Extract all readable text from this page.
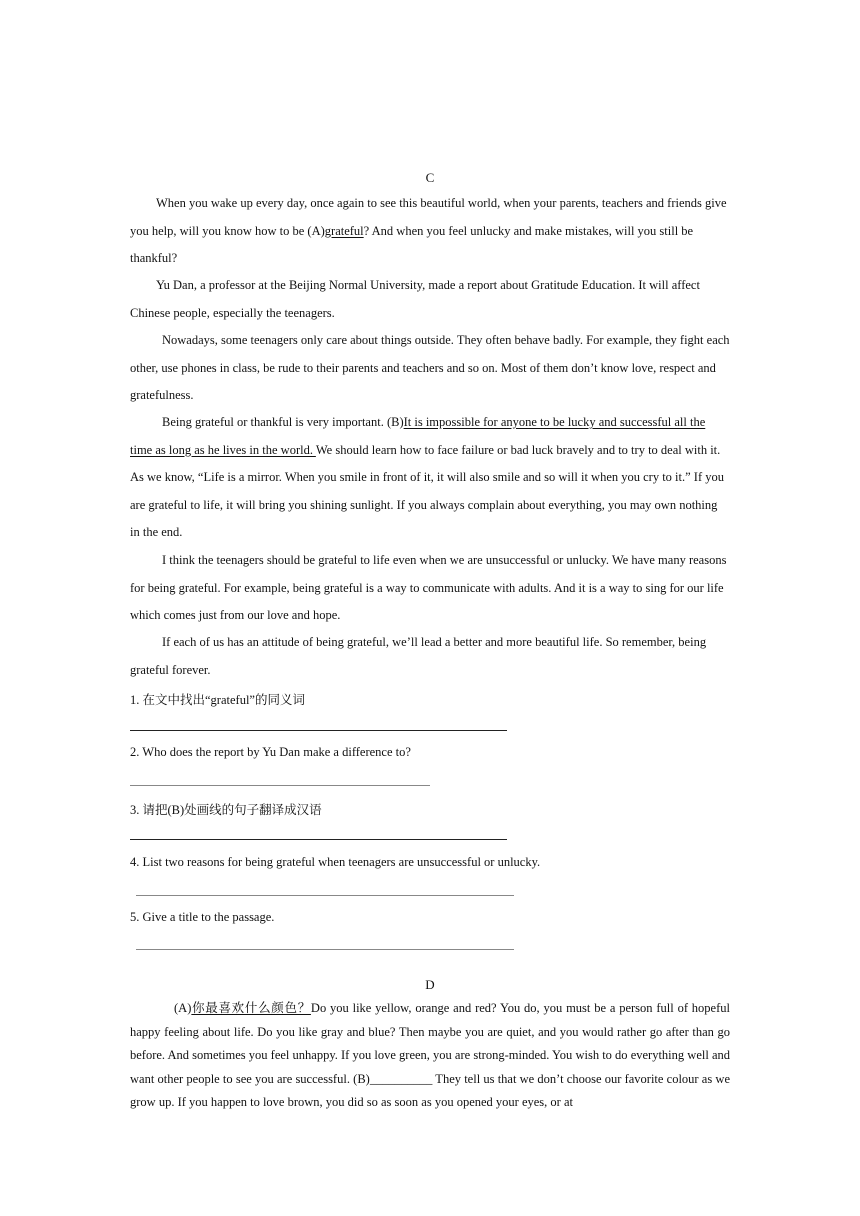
C
When you wake up every day, once again to see this beautiful world, when your parents, teachers and friends give you help, will you know how to be (A)grateful? And when you feel unlucky and make mistakes, will you still be thankful?
Yu Dan, a professor at the Beijing Normal University, made a report about Gratitude Education. It will affect Chinese people, especially the teenagers.
Nowadays, some teenagers only care about things outside. They often behave badly. For example, they fight each other, use phones in class, be rude to their parents and teachers and so on. Most of them don’t know love, respect and gratefulness.
Being grateful or thankful is very important. (B)It is impossible for anyone to be lucky and successful all the time as long as he lives in the world. We should learn how to face failure or bad luck bravely and to try to deal with it. As we know, “Life is a mirror. When you smile in front of it, it will also smile and so will it when you cry to it.” If you are grateful to life, it will bring you shining sunlight. If you always complain about everything, you may own nothing in the end.
I think the teenagers should be grateful to life even when we are unsuccessful or unlucky. We have many reasons for being grateful. For example, being grateful is a way to communicate with adults. And it is a way to sing for our life which comes just from our love and hope.
If each of us has an attitude of being grateful, we’ll lead a better and more beautiful life. So remember, being grateful forever.
1. 在文中找出“grateful”的同义词
2. Who does the report by Yu Dan make a difference to?
3. 请把(B)处画线的句子翻译成汉语
4. List two reasons for being grateful when teenagers are unsuccessful or unlucky.
5. Give a title to the passage.
D
(A)你最喜欢什么颜色？Do you like yellow, orange and red? You do, you must be a person full of hopeful happy feeling about life. Do you like gray and blue? Then maybe you are quiet, and you would rather go after than go before. And sometimes you feel unhappy. If you love green, you are strong-minded. You wish to do everything well and want other people to see you are successful. (B)__________ They tell us that we don’t choose our favorite colour as we grow up. If you happen to love brown, you did so as soon as you opened your eyes, or at
